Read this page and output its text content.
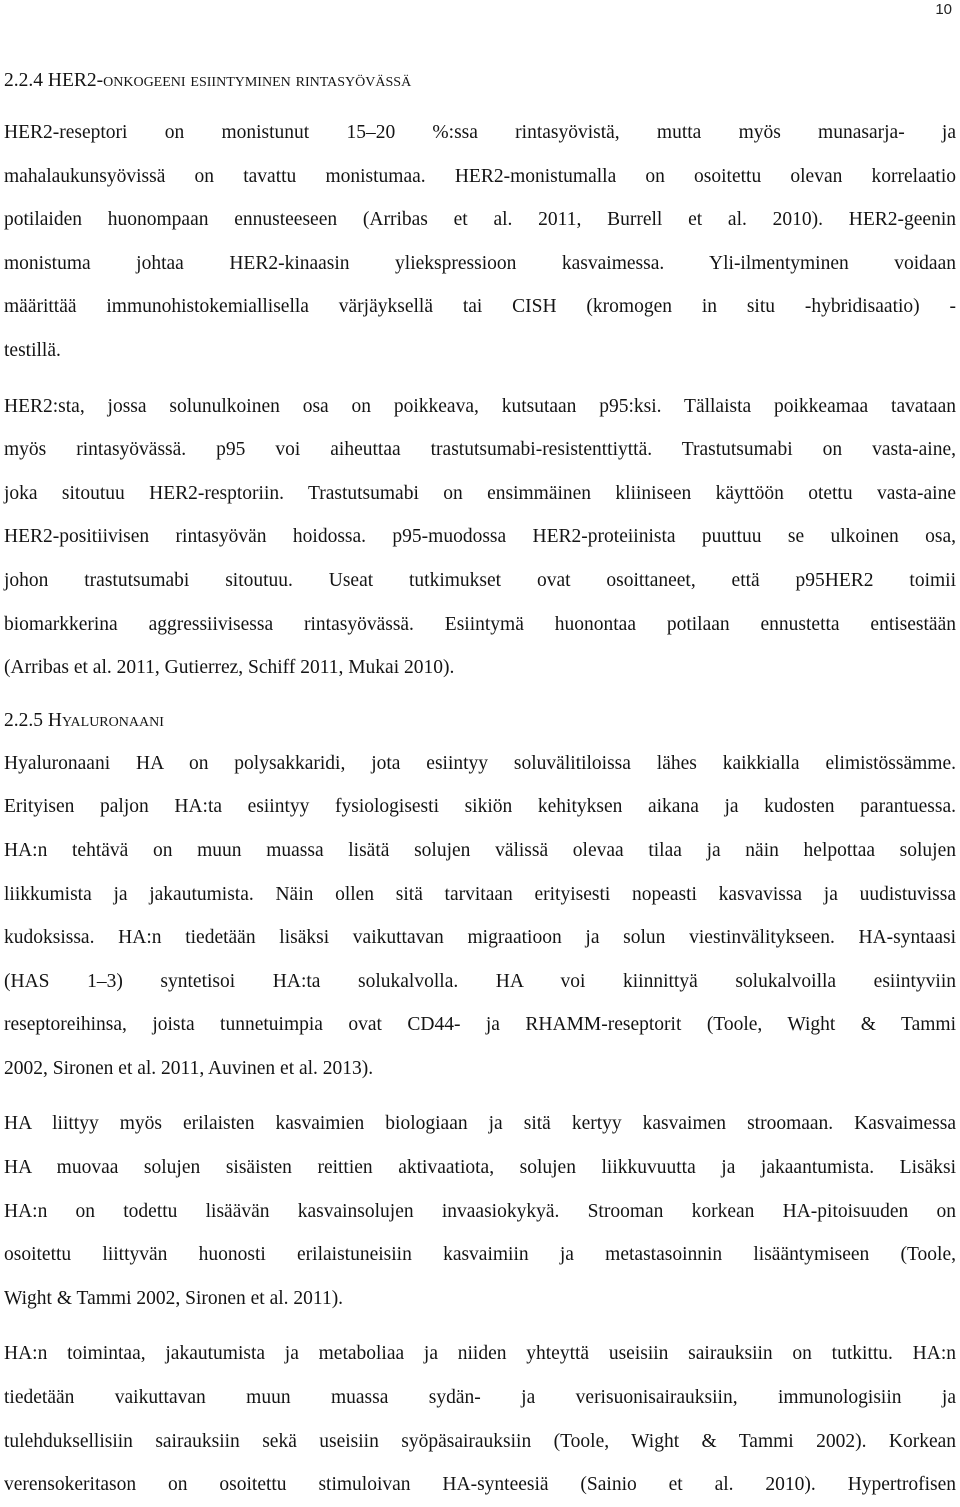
10
2.2.4 HER2-onkogeeni esiintyminen rintasyövässä

HER2-reseptori on monistunut 15–20 %:ssa rintasyövistä, mutta myös munasarja- ja
mahalaukunsyövissä on tavattu monistumaa. HER2-monistumalla on osoitettu olevan korrelaatio
potilaiden huonompaan ennusteeseen (Arribas et al. 2011, Burrell et al. 2010). HER2-geenin
monistuma johtaa HER2-kinaasin yliekspressioon kasvaimessa. Yli-ilmentyminen voidaan
määrittää immunohistokemiallisella värjäyksellä tai CISH (kromogen in situ -hybridisaatio) -
testillä.

HER2:sta, jossa solunulkoinen osa on poikkeava, kutsutaan p95:ksi. Tällaista poikkeamaa tavataan
myös rintasyövässä. p95 voi aiheuttaa trastutsumabi-resistenttiyttä. Trastutsumabi on vasta-aine,
joka sitoutuu HER2-resptoriin. Trastutsumabi on ensimmäinen kliiniseen käyttöön otettu vasta-aine
HER2-positiivisen rintasyövän hoidossa. p95-muodossa HER2-proteiinista puuttuu se ulkoinen osa,
johon trastutsumabi sitoutuu. Useat tutkimukset ovat osoittaneet, että p95HER2 toimii
biomarkkerina aggressiivisessa rintasyövässä. Esiintymä huonontaa potilaan ennustetta entisestään
(Arribas et al. 2011, Gutierrez, Schiff 2011, Mukai 2010).

2.2.5 Hyaluronaani

Hyaluronaani HA on polysakkaridi, jota esiintyy soluvälitiloissa lähes kaikkialla elimistössämme.
Erityisen paljon HA:ta esiintyy fysiologisesti sikiön kehityksen aikana ja kudosten parantuessa.
HA:n tehtävä on muun muassa lisätä solujen välissä olevaa tilaa ja näin helpottaa solujen
liikkumista ja jakautumista. Näin ollen sitä tarvitaan erityisesti nopeasti kasvavissa ja uudistuvissa
kudoksissa. HA:n tiedetään lisäksi vaikuttavan migraatioon ja solun viestinvälitykseen. HA-syntaasi
(HAS 1–3) syntetisoi HA:ta solukalvolla. HA voi kiinnittyä solukalvoilla esiintyviin
reseptoreihinsa, joista tunnetuimpia ovat CD44- ja RHAMM-reseptorit (Toole, Wight & Tammi
2002, Sironen et al. 2011, Auvinen et al. 2013).

HA liittyy myös erilaisten kasvaimien biologiaan ja sitä kertyy kasvaimen stroomaan. Kasvaimessa
HA muovaa solujen sisäisten reittien aktivaatiota, solujen liikkuvuutta ja jakaantumista. Lisäksi
HA:n on todettu lisäävän kasvainsolujen invaasiokykyä. Strooman korkean HA-pitoisuuden on
osoitettu liittyvän huonosti erilaistuneisiin kasvaimiin ja metastasoinnin lisääntymiseen (Toole,
Wight & Tammi 2002, Sironen et al. 2011).

HA:n toimintaa, jakautumista ja metaboliaa ja niiden yhteyttä useisiin sairauksiin on tutkittu. HA:n
tiedetään vaikuttavan muun muassa sydän- ja verisuonisairauksiin, immunologisiin ja
tulehduksellisiin sairauksiin sekä useisiin syöpäsairauksiin (Toole, Wight & Tammi 2002). Korkean
verensokeritason on osoitettu stimuloivan HA-synteesiä (Sainio et al. 2010). Hypertrofisen
